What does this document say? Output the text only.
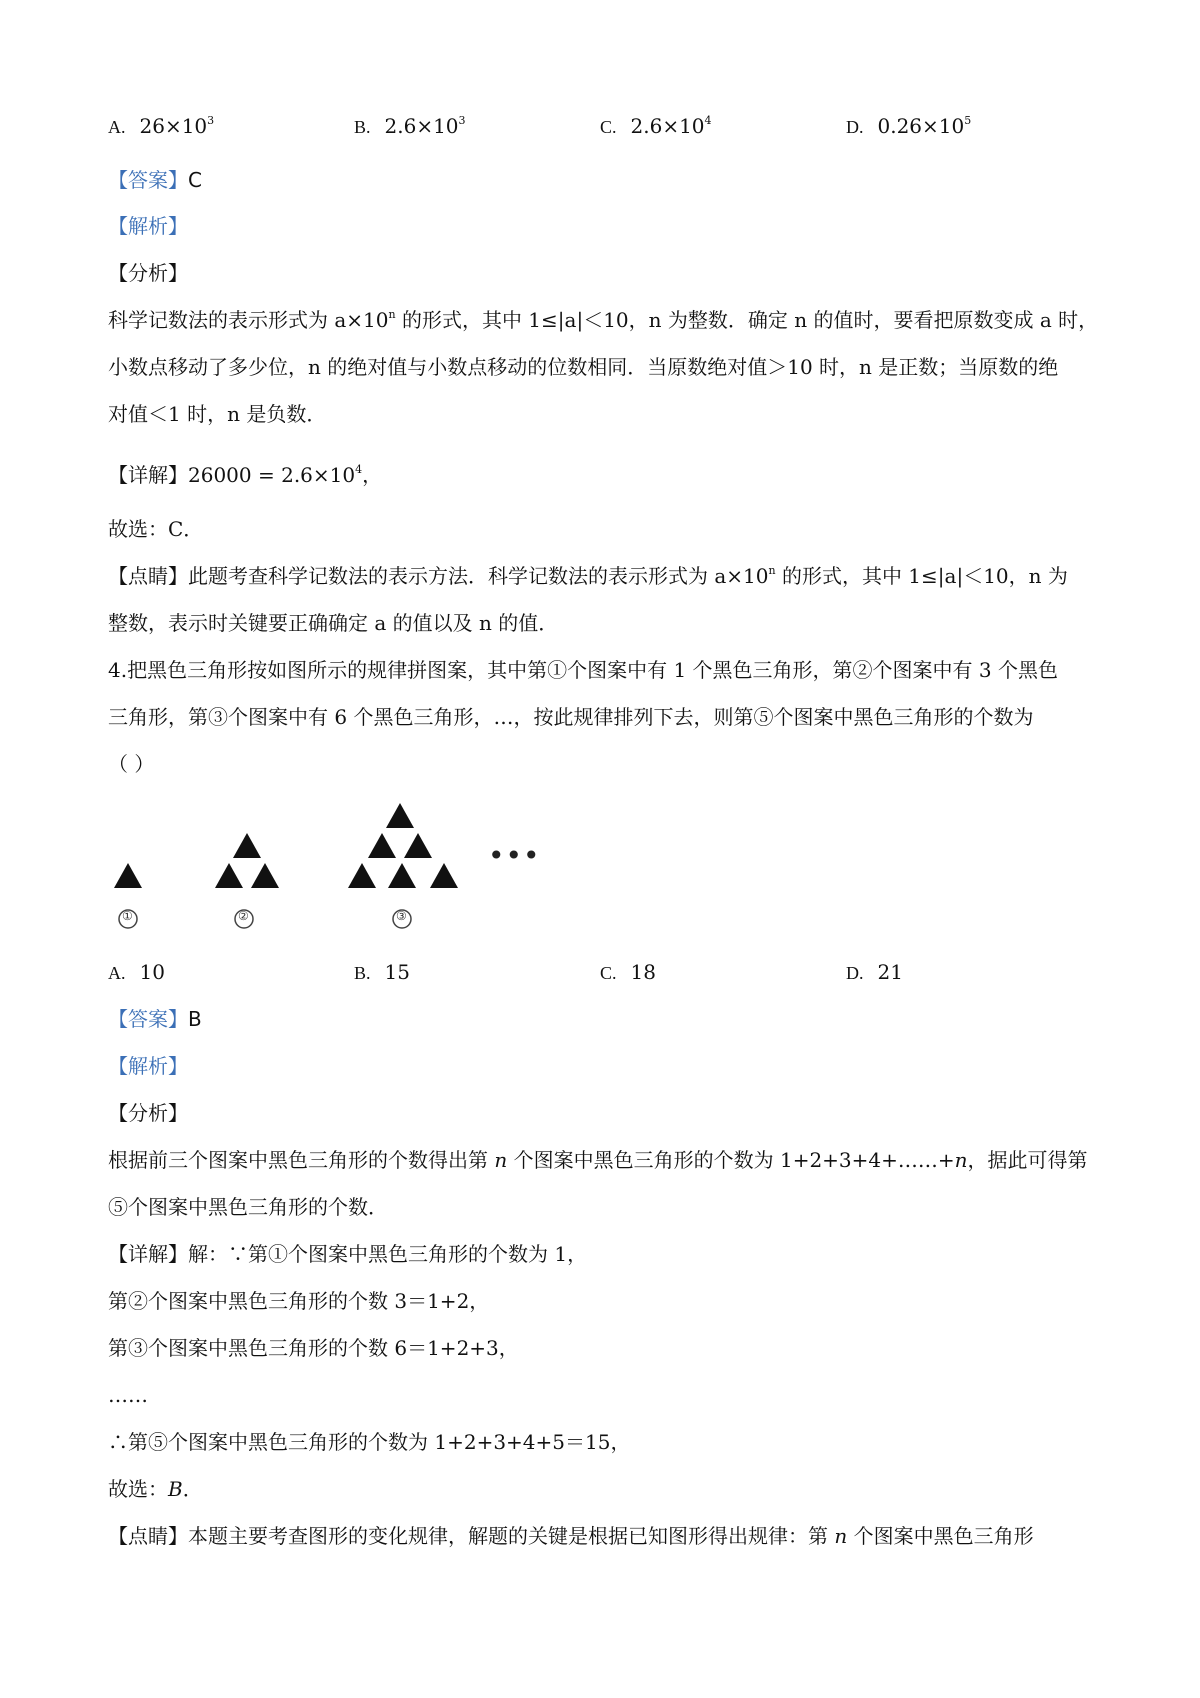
A. $26\times 10^3$	B. $2.6\times 10^3$	C. $2.6\times 10^4$	D. $0.26\times 10^5$
【答案】C
【解析】
【分析】
科学记数法的表示形式为 $a\times 10^n$ 的形式，其中 1≤|a|＜10，n 为整数．确定 n 的值时，要看把原数变成 a 时，
小数点移动了多少位，n 的绝对值与小数点移动的位数相同．当原数绝对值＞10 时，n 是正数；当原数的绝
对值＜1 时，n 是负数．
【详解】$26000 = 2.6\times 10^4$，
故选：C．
【点睛】此题考查科学记数法的表示方法．科学记数法的表示形式为 $a\times 10^n$ 的形式，其中 1≤|a|＜10，n 为
整数，表示时关键要正确确定 a 的值以及 n 的值．
4.把黑色三角形按如图所示的规律拼图案，其中第①个图案中有 1 个黑色三角形，第②个图案中有 3 个黑色
三角形，第③个图案中有 6 个黑色三角形，…，按此规律排列下去，则第⑤个图案中黑色三角形的个数为
（ ）
•••
①	②	③
A. 10	B. 15	C. 18	D. 21
【答案】B
【解析】
【分析】
根据前三个图案中黑色三角形的个数得出第 n 个图案中黑色三角形的个数为 1+2+3+4+……+n，据此可得第
⑤个图案中黑色三角形的个数．
【详解】解：∵第①个图案中黑色三角形的个数为 1，
第②个图案中黑色三角形的个数 3＝1+2，
第③个图案中黑色三角形的个数 6＝1+2+3，
……
∴第⑤个图案中黑色三角形的个数为 1+2+3+4+5＝15，
故选：B．
【点睛】本题主要考查图形的变化规律，解题的关键是根据已知图形得出规律：第 n 个图案中黑色三角形
